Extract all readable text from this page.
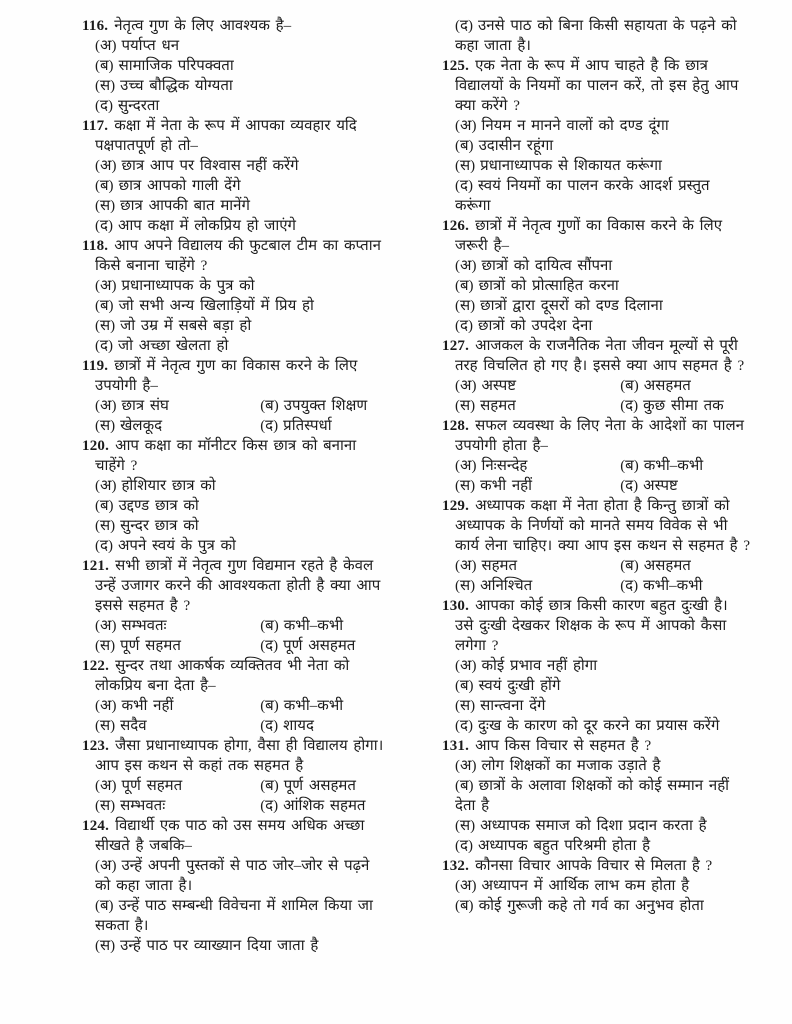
116. नेतृत्व गुण के लिए आवश्यक है–
(अ) पर्याप्त धन
(ब) सामाजिक परिपक्वता
(स) उच्च बौद्धिक योग्यता
(द) सुन्दरता
117. कक्षा में नेता के रूप में आपका व्यवहार यदि पक्षपातपूर्ण हो तो–
(अ) छात्र आप पर विश्वास नहीं करेंगे
(ब) छात्र आपको गाली देंगे
(स) छात्र आपकी बात मानेंगे
(द) आप कक्षा में लोकप्रिय हो जाएंगे
118. आप अपने विद्यालय की फुटबाल टीम का कप्तान किसे बनाना चाहेंगे ?
(अ) प्रधानाध्यापक के पुत्र को
(ब) जो सभी अन्य खिलाड़ियों में प्रिय हो
(स) जो उम्र में सबसे बड़ा हो
(द) जो अच्छा खेलता हो
119. छात्रों में नेतृत्व गुण का विकास करने के लिए उपयोगी है–
(अ) छात्र संघ	(ब) उपयुक्त शिक्षण
(स) खेलकूद	(द) प्रतिस्पर्धा
120. आप कक्षा का मॉनीटर किस छात्र को बनाना चाहेंगे ?
(अ) होशियार छात्र को
(ब) उद्दण्ड छात्र को
(स) सुन्दर छात्र को
(द) अपने स्वयं के पुत्र को
121. सभी छात्रों में नेतृत्व गुण विद्यमान रहते है केवल उन्हें उजागर करने की आवश्यकता होती है क्या आप इससे सहमत है ?
(अ) सम्भवतः	(ब) कभी–कभी
(स) पूर्ण सहमत	(द) पूर्ण असहमत
122. सुन्दर तथा आकर्षक व्यक्तितव भी नेता को लोकप्रिय बना देता है–
(अ) कभी नहीं	(ब) कभी–कभी
(स) सदैव	(द) शायद
123. जैसा प्रधानाध्यापक होगा, वैसा ही विद्यालय होगा। आप इस कथन से कहां तक सहमत है
(अ) पूर्ण सहमत	(ब) पूर्ण असहमत
(स) सम्भवतः	(द) आंशिक सहमत
124. विद्यार्थी एक पाठ को उस समय अधिक अच्छा सीखते है जबकि–
(अ) उन्हें अपनी पुस्तकों से पाठ जोर–जोर से पढ़ने को कहा जाता है।
(ब) उन्हें पाठ सम्बन्धी विवेचना में शामिल किया जा सकता है।
(स) उन्हें पाठ पर व्याख्यान दिया जाता है
(द) उनसे पाठ को बिना किसी सहायता के पढ़ने को कहा जाता है।
125. एक नेता के रूप में आप चाहते है कि छात्र विद्यालयों के नियमों का पालन करें, तो इस हेतु आप क्या करेंगे ?
(अ) नियम न मानने वालों को दण्ड दूंगा
(ब) उदासीन रहूंगा
(स) प्रधानाध्यापक से शिकायत करूंगा
(द) स्वयं नियमों का पालन करके आदर्श प्रस्तुत करूंगा
126. छात्रों में नेतृत्व गुणों का विकास करने के लिए जरूरी है–
(अ) छात्रों को दायित्व सौंपना
(ब) छात्रों को प्रोत्साहित करना
(स) छात्रों द्वारा दूसरों को दण्ड दिलाना
(द) छात्रों को उपदेश देना
127. आजकल के राजनैतिक नेता जीवन मूल्यों से पूरी तरह विचलित हो गए है। इससे क्या आप सहमत है ?
(अ) अस्पष्ट	(ब) असहमत
(स) सहमत	(द) कुछ सीमा तक
128. सफल व्यवस्था के लिए नेता के आदेशों का पालन उपयोगी होता है–
(अ) निःसन्देह	(ब) कभी–कभी
(स) कभी नहीं	(द) अस्पष्ट
129. अध्यापक कक्षा में नेता होता है किन्तु छात्रों को अध्यापक के निर्णयों को मानते समय विवेक से भी कार्य लेना चाहिए। क्या आप इस कथन से सहमत है ?
(अ) सहमत	(ब) असहमत
(स) अनिश्चित	(द) कभी–कभी
130. आपका कोई छात्र किसी कारण बहुत दुःखी है। उसे दुःखी देखकर शिक्षक के रूप में आपको कैसा लगेगा ?
(अ) कोई प्रभाव नहीं होगा
(ब) स्वयं दुःखी होंगे
(स) सान्त्वना देंगे
(द) दुःख के कारण को दूर करने का प्रयास करेंगे
131. आप किस विचार से सहमत है ?
(अ) लोग शिक्षकों का मजाक उड़ाते है
(ब) छात्रों के अलावा शिक्षकों को कोई सम्मान नहीं देता है
(स) अध्यापक समाज को दिशा प्रदान करता है
(द) अध्यापक बहुत परिश्रमी होता है
132. कौनसा विचार आपके विचार से मिलता है ?
(अ) अध्यापन में आर्थिक लाभ कम होता है
(ब) कोई गुरूजी कहे तो गर्व का अनुभव होता
